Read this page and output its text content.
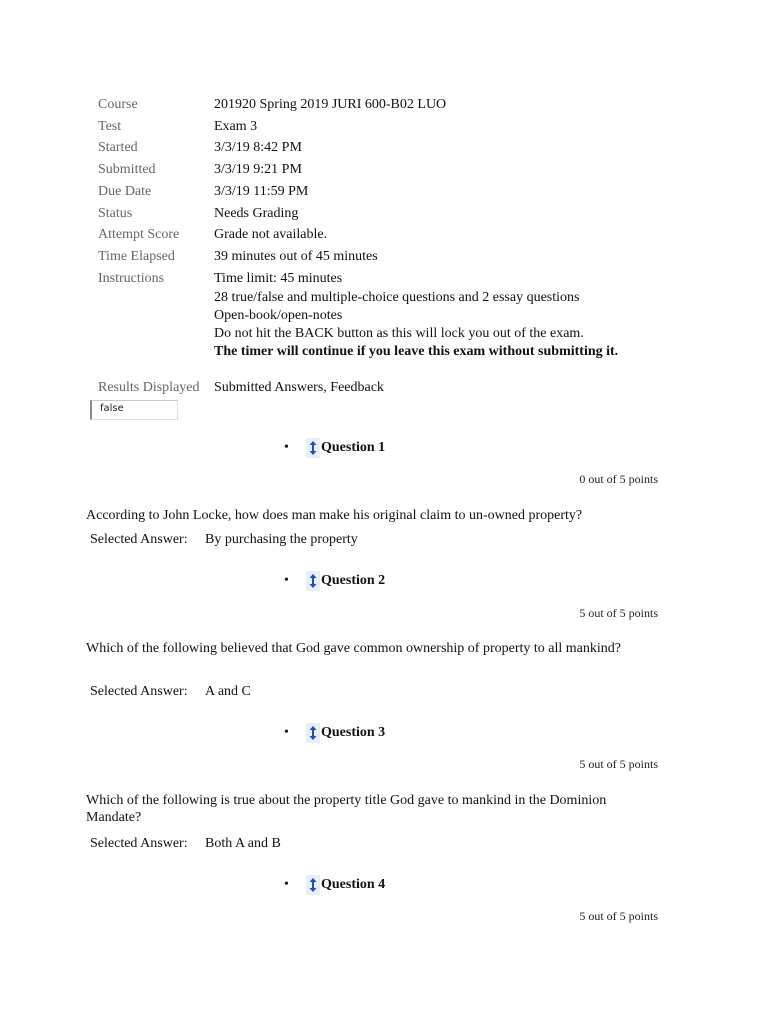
Course	201920 Spring 2019 JURI 600-B02 LUO
Test	Exam 3
Started	3/3/19 8:42 PM
Submitted	3/3/19 9:21 PM
Due Date	3/3/19 11:59 PM
Status	Needs Grading
Attempt Score	Grade not available.
Time Elapsed	39 minutes out of 45 minutes
Instructions	Time limit: 45 minutes
28 true/false and multiple-choice questions and 2 essay questions
Open-book/open-notes
Do not hit the BACK button as this will lock you out of the exam.
The timer will continue if you leave this exam without submitting it.
Results Displayed	Submitted Answers, Feedback
false
•	Question 1
0 out of 5 points
According to John Locke, how does man make his original claim to un-owned property?
Selected Answer:	By purchasing the property
•	Question 2
5 out of 5 points
Which of the following believed that God gave common ownership of property to all mankind?
Selected Answer:	A and C
•	Question 3
5 out of 5 points
Which of the following is true about the property title God gave to mankind in the Dominion Mandate?
Selected Answer:	Both A and B
•	Question 4
5 out of 5 points
